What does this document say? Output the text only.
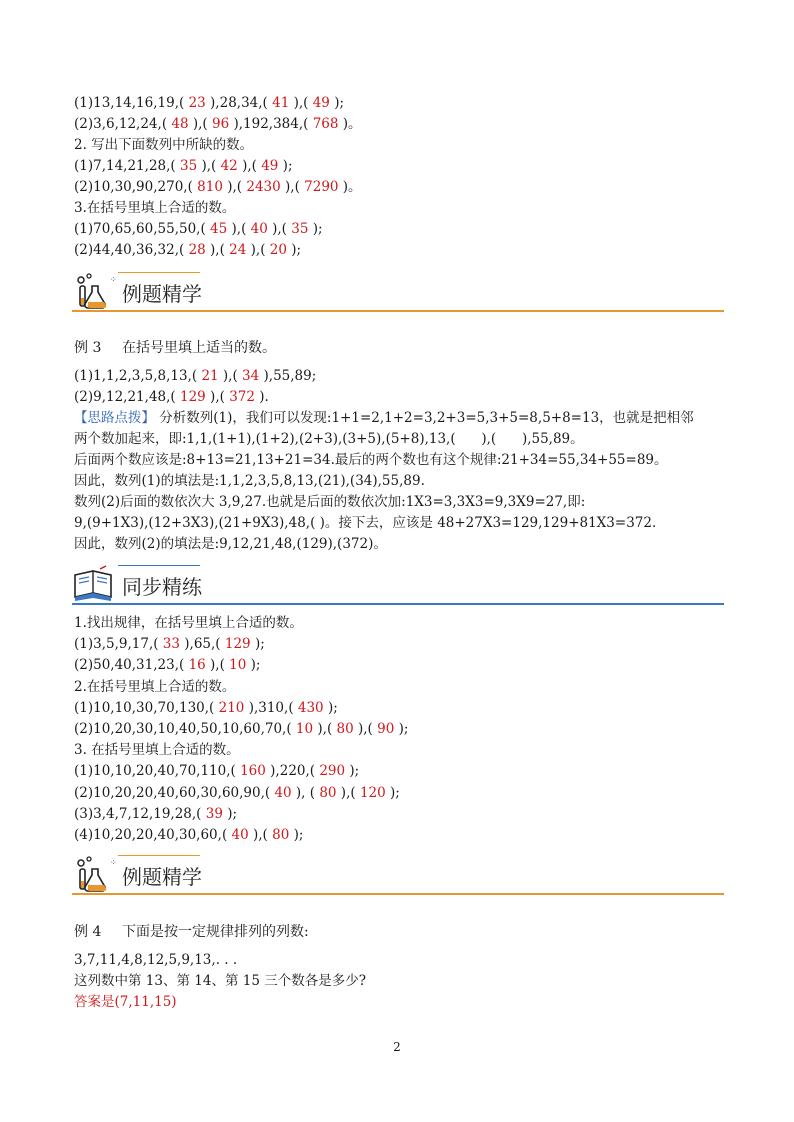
(1)13,14,16,19,( 23 ),28,34,( 41 ),( 49 );
(2)3,6,12,24,( 48 ),( 96 ),192,384,( 768 )。
2. 写出下面数列中所缺的数。
(1)7,14,21,28,( 35 ),( 42 ),( 49 );
(2)10,30,90,270,( 810 ),( 2430 ),( 7290 )。
3.在括号里填上合适的数。
(1)70,65,60,55,50,( 45 ),( 40 ),( 35 );
(2)44,40,36,32,( 28 ),( 24 ),( 20 );
⁘
例题精学
例 3 在括号里填上适当的数。
(1)1,1,2,3,5,8,13,( 21 ),( 34 ),55,89;
(2)9,12,21,48,( 129 ),( 372 ).
【思路点拨】 分析数列(1)，我们可以发现:1+1=2,1+2=3,2+3=5,3+5=8,5+8=13，也就是把相邻
两个数加起来，即:1,1,(1+1),(1+2),(2+3),(3+5),(5+8),13,(      ),(      ),55,89。
后面两个数应该是:8+13=21,13+21=34.最后的两个数也有这个规律:21+34=55,34+55=89。
因此，数列(1)的填法是:1,1,2,3,5,8,13,(21),(34),55,89.
数列(2)后面的数依次大 3,9,27.也就是后面的数依次加:1X3=3,3X3=9,3X9=27,即:
9,(9+1X3),(12+3X3),(21+9X3),48,( )。接下去，应该是 48+27X3=129,129+81X3=372.
因此，数列(2)的填法是:9,12,21,48,(129),(372)。
同步精练
1.找出规律，在括号里填上合适的数。
(1)3,5,9,17,( 33 ),65,( 129 );
(2)50,40,31,23,( 16 ),( 10 );
2.在括号里填上合适的数。
(1)10,10,30,70,130,( 210 ),310,( 430 );
(2)10,20,30,10,40,50,10,60,70,( 10 ),( 80 ),( 90 );
3. 在括号里填上合适的数。
(1)10,10,20,40,70,110,( 160 ),220,( 290 );
(2)10,20,20,40,60,30,60,90,( 40 ), ( 80 ),( 120 );
(3)3,4,7,12,19,28,( 39 );
(4)10,20,20,40,30,60,( 40 ),( 80 );
⁘
例题精学
例 4 下面是按一定规律排列的列数:
3,7,11,4,8,12,5,9,13,. . .
这列数中第 13、第 14、第 15 三个数各是多少?
答案是(7,11,15)
2
